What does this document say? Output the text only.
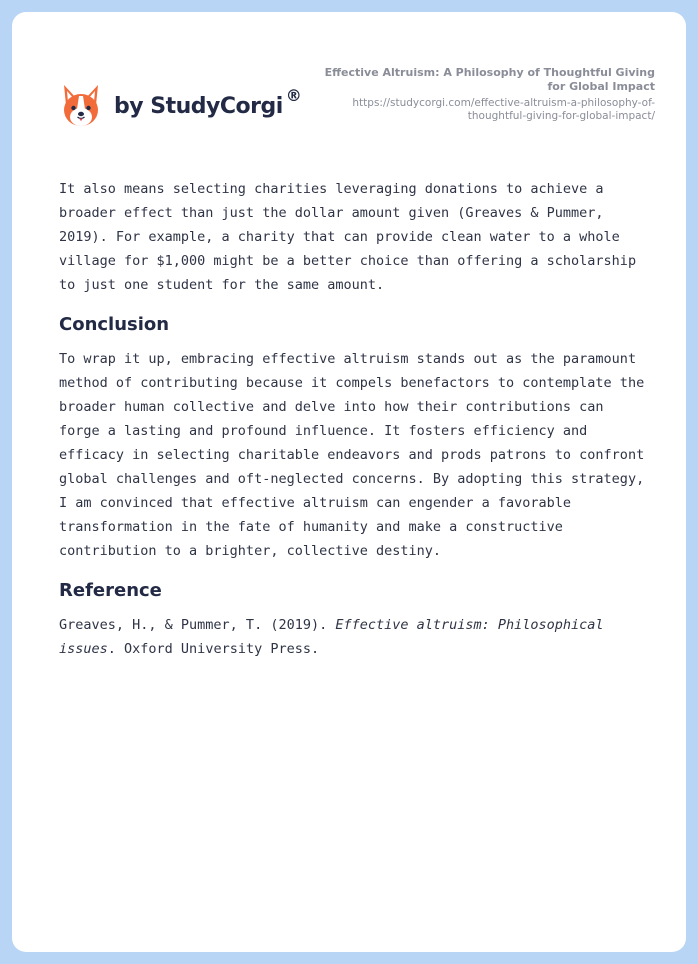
by StudyCorgi ®
Effective Altruism: A Philosophy of Thoughtful Giving for Global Impact
https://studycorgi.com/effective-altruism-a-philosophy-of-thoughtful-giving-for-global-impact/

It also means selecting charities leveraging donations to achieve a broader effect than just the dollar amount given (Greaves & Pummer, 2019). For example, a charity that can provide clean water to a whole village for $1,000 might be a better choice than offering a scholarship to just one student for the same amount.

Conclusion

To wrap it up, embracing effective altruism stands out as the paramount method of contributing because it compels benefactors to contemplate the broader human collective and delve into how their contributions can forge a lasting and profound influence. It fosters efficiency and efficacy in selecting charitable endeavors and prods patrons to confront global challenges and oft-neglected concerns. By adopting this strategy, I am convinced that effective altruism can engender a favorable transformation in the fate of humanity and make a constructive contribution to a brighter, collective destiny.

Reference

Greaves, H., & Pummer, T. (2019). Effective altruism: Philosophical issues. Oxford University Press.
